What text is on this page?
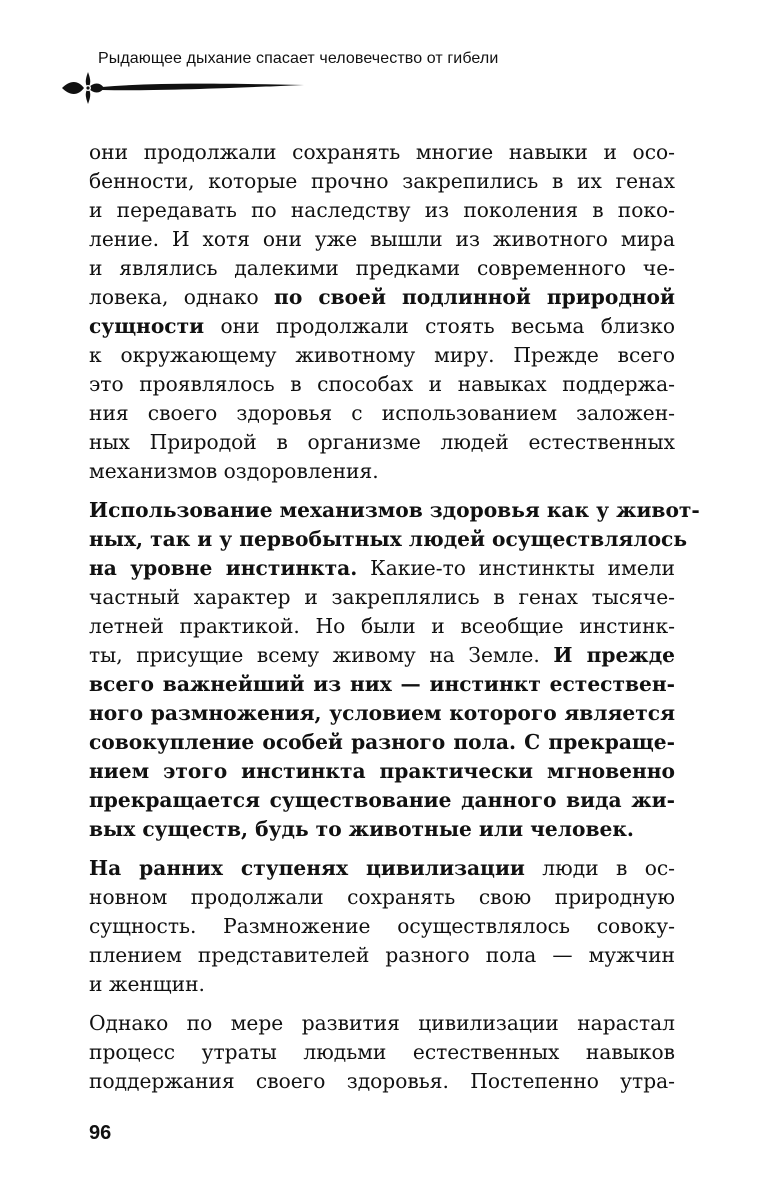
Рыдающее дыхание спасает человечество от гибели

они продолжали сохранять многие навыки и осо-
бенности, которые прочно закрепились в их генах
и передавать по наследству из поколения в поко-
ление. И хотя они уже вышли из животного мира
и являлись далекими предками современного че-
ловека, однако по своей подлинной природной
сущности они продолжали стоять весьма близко
к окружающему животному миру. Прежде всего
это проявлялось в способах и навыках поддержа-
ния своего здоровья с использованием заложен-
ных Природой в организме людей естественных
механизмов оздоровления.

Использование механизмов здоровья как у живот-
ных, так и у первобытных людей осуществлялось
на уровне инстинкта. Какие-то инстинкты имели
частный характер и закреплялись в генах тысяче-
летней практикой. Но были и всеобщие инстинк-
ты, присущие всему живому на Земле. И прежде
всего важнейший из них — инстинкт естествен-
ного размножения, условием которого является
совокупление особей разного пола. С прекраще-
нием этого инстинкта практически мгновенно
прекращается существование данного вида жи-
вых существ, будь то животные или человек.

На ранних ступенях цивилизации люди в ос-
новном продолжали сохранять свою природную
сущность. Размножение осуществлялось совоку-
плением представителей разного пола — мужчин
и женщин.

Однако по мере развития цивилизации нарастал
процесс утраты людьми естественных навыков
поддержания своего здоровья. Постепенно утра-

96
